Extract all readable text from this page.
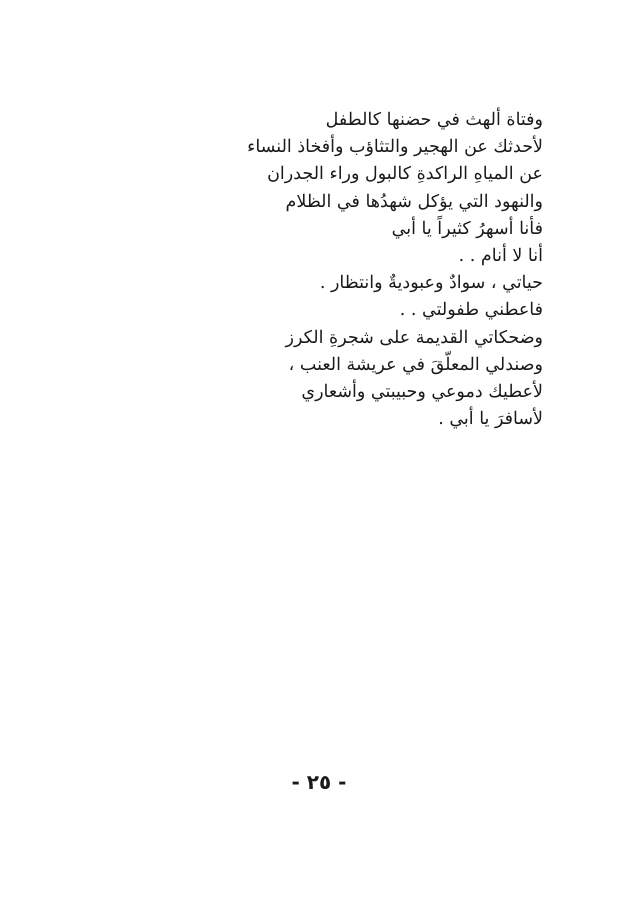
وفتاة ألهث في حضنها كالطفل
لأحدثك عن الهجير والتثاؤب وأفخاذ النساء
عن المياهِ الراكدةِ كالبول وراء الجدران
والنهود التي يؤكل شهدُها في الظلام
فأنا أسهرُ كثيراً يا أبي
أنا لا أنام . .
حياتي ، سوادٌ وعبوديةٌ وانتظار .
فاعطني طفولتي . .
وضحكاتي القديمة على شجرةِ الكرز
وصندلي المعلّقَ في عريشة العنب ،
لأعطيك دموعي وحبيبتي وأشعاري
لأسافرَ يا أبي .
- ٢٥ -
